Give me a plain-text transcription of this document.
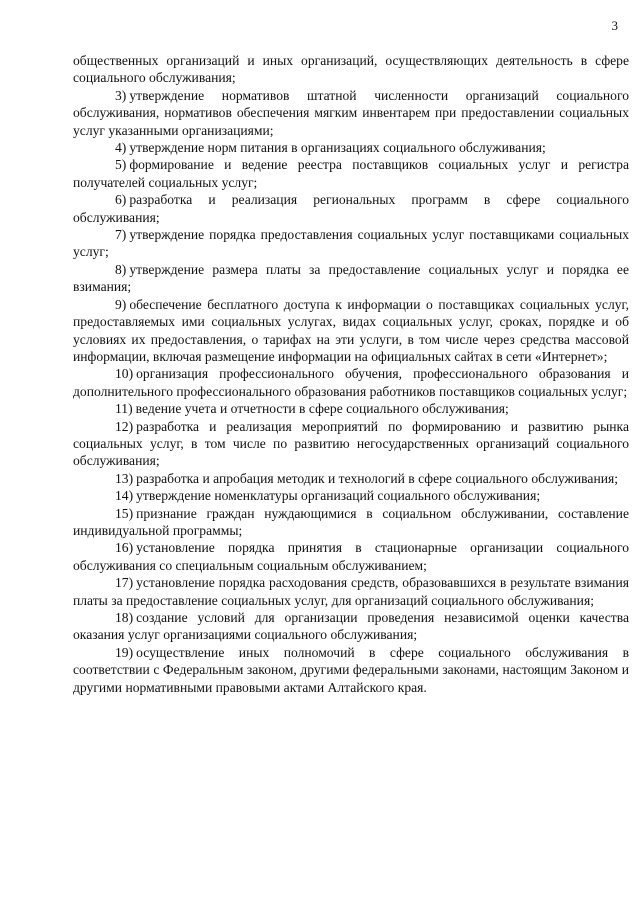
3

общественных организаций и иных организаций, осуществляющих деятельность в сфере социального обслуживания;

3) утверждение нормативов штатной численности организаций социального обслуживания, нормативов обеспечения мягким инвентарем при предоставлении социальных услуг указанными организациями;

4) утверждение норм питания в организациях социального обслуживания;

5) формирование и ведение реестра поставщиков социальных услуг и регистра получателей социальных услуг;

6) разработка и реализация региональных программ в сфере социального обслуживания;

7) утверждение порядка предоставления социальных услуг поставщиками социальных услуг;

8) утверждение размера платы за предоставление социальных услуг и порядка ее взимания;

9) обеспечение бесплатного доступа к информации о поставщиках социальных услуг, предоставляемых ими социальных услугах, видах социальных услуг, сроках, порядке и об условиях их предоставления, о тарифах на эти услуги, в том числе через средства массовой информации, включая размещение информации на официальных сайтах в сети «Интернет»;

10) организация профессионального обучения, профессионального образования и дополнительного профессионального образования работников поставщиков социальных услуг;

11) ведение учета и отчетности в сфере социального обслуживания;

12) разработка и реализация мероприятий по формированию и развитию рынка социальных услуг, в том числе по развитию негосударственных организаций социального обслуживания;

13) разработка и апробация методик и технологий в сфере социального обслуживания;

14) утверждение номенклатуры организаций социального обслуживания;

15) признание граждан нуждающимися в социальном обслуживании, составление индивидуальной программы;

16) установление порядка принятия в стационарные организации социального обслуживания со специальным социальным обслуживанием;

17) установление порядка расходования средств, образовавшихся в результате взимания платы за предоставление социальных услуг, для организаций социального обслуживания;

18) создание условий для организации проведения независимой оценки качества оказания услуг организациями социального обслуживания;

19) осуществление иных полномочий в сфере социального обслуживания в соответствии с Федеральным законом, другими федеральными законами, настоящим Законом и другими нормативными правовыми актами Алтайского края.
